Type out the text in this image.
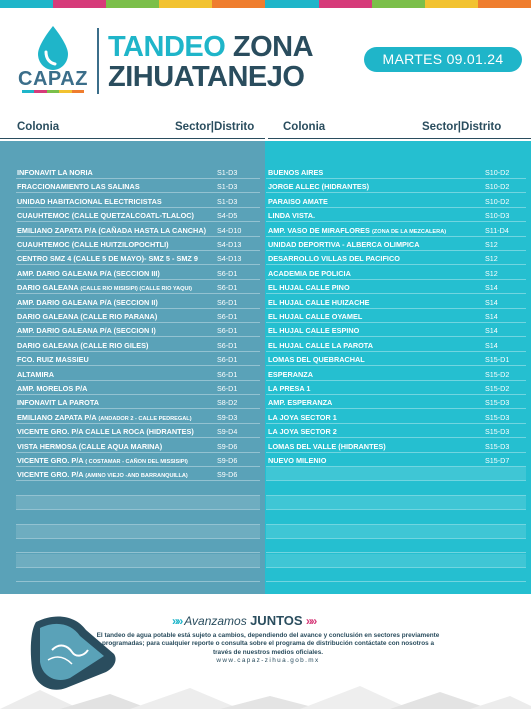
CAPAZ
TANDEO ZONA
ZIHUATANEJO
MARTES 09.01.24
Colonia	Sector|Distrito Colonia	Sector|Distrito
INFONAVIT LA NORIA	S1-D3
FRACCIONAMIENTO LAS SALINAS	S1-D3
UNIDAD HABITACIONAL ELECTRICISTAS	S1-D3
CUAUHTEMOC (CALLE QUETZALCOATL-TLALOC)	S4-D5
EMILIANO ZAPATA P/A (CAÑADA HASTA LA CANCHA) S4-D10
CUAUHTEMOC (CALLE HUITZILOPOCHTLI)	S4-D13
CENTRO SMZ 4 (CALLE 5 DE MAYO)- SMZ 5 - SMZ 9	S4-D13
AMP. DARIO GALEANA P/A (SECCION III)	S6-D1
DARIO GALEANA (CALLE RIO MISISIPI) (CALLE RIO YAQUI)	S6-D1
AMP. DARIO GALEANA P/A (SECCION II)	S6-D1
DARIO GALEANA (CALLE RIO PARANA)	S6-D1
AMP. DARIO GALEANA P/A (SECCION I)	S6-D1
DARIO GALEANA (CALLE RIO GILES)	S6-D1
FCO. RUIZ MASSIEU	S6-D1
ALTAMIRA	S6-D1
AMP. MORELOS P/A	S6-D1
INFONAVIT LA PAROTA	S8-D2
EMILIANO ZAPATA P/A (ANDADOR 2 - CALLE PEDREGAL)	S9-D3
VICENTE GRO. P/A CALLE LA ROCA (HIDRANTES)	S9-D4
VISTA HERMOSA (CALLE AQUA MARINA)	S9-D6
VICENTE GRO. P/A ( COSTAMAR - CAÑON DEL MISSISIPI)	S9-D6
VICENTE GRO. P/A (AMINO VIEJO -AND BARRANQUILLA)	S9-D6
BUENOS AIRES	S10-D2
JORGE ALLEC (HIDRANTES)	S10-D2
PARAISO AMATE	S10-D2
LINDA VISTA.	S10-D3
AMP. VASO DE MIRAFLORES (ZONA DE LA MEZCALERA)	S11-D4
UNIDAD DEPORTIVA - ALBERCA OLIMPICA	S12
DESARROLLO VILLAS DEL PACIFICO	S12
ACADEMIA DE POLICIA	S12
EL HUJAL CALLE PINO	S14
EL HUJAL CALLE HUIZACHE	S14
EL HUJAL CALLE OYAMEL	S14
EL HUJAL CALLE ESPINO	S14
EL HUJAL CALLE LA PAROTA	S14
LOMAS DEL QUEBRACHAL	S15-D1
ESPERANZA	S15-D2
LA PRESA 1	S15-D2
AMP. ESPERANZA	S15-D3
LA JOYA SECTOR 1	S15-D3
LA JOYA SECTOR 2	S15-D3
LOMAS DEL VALLE (HIDRANTES)	S15-D3
NUEVO MILENIO	S15-D7
»» Avanzamos JUNTOS »»
El tandeo de agua potable está sujeto a cambios, dependiendo del avance y conclusión en sectores previamente
programadas; para cualquier reporte o consulta sobre el programa de distribución contáctate con nosotros a
través de nuestros medios oficiales.
www.capaz-zihua.gob.mx
